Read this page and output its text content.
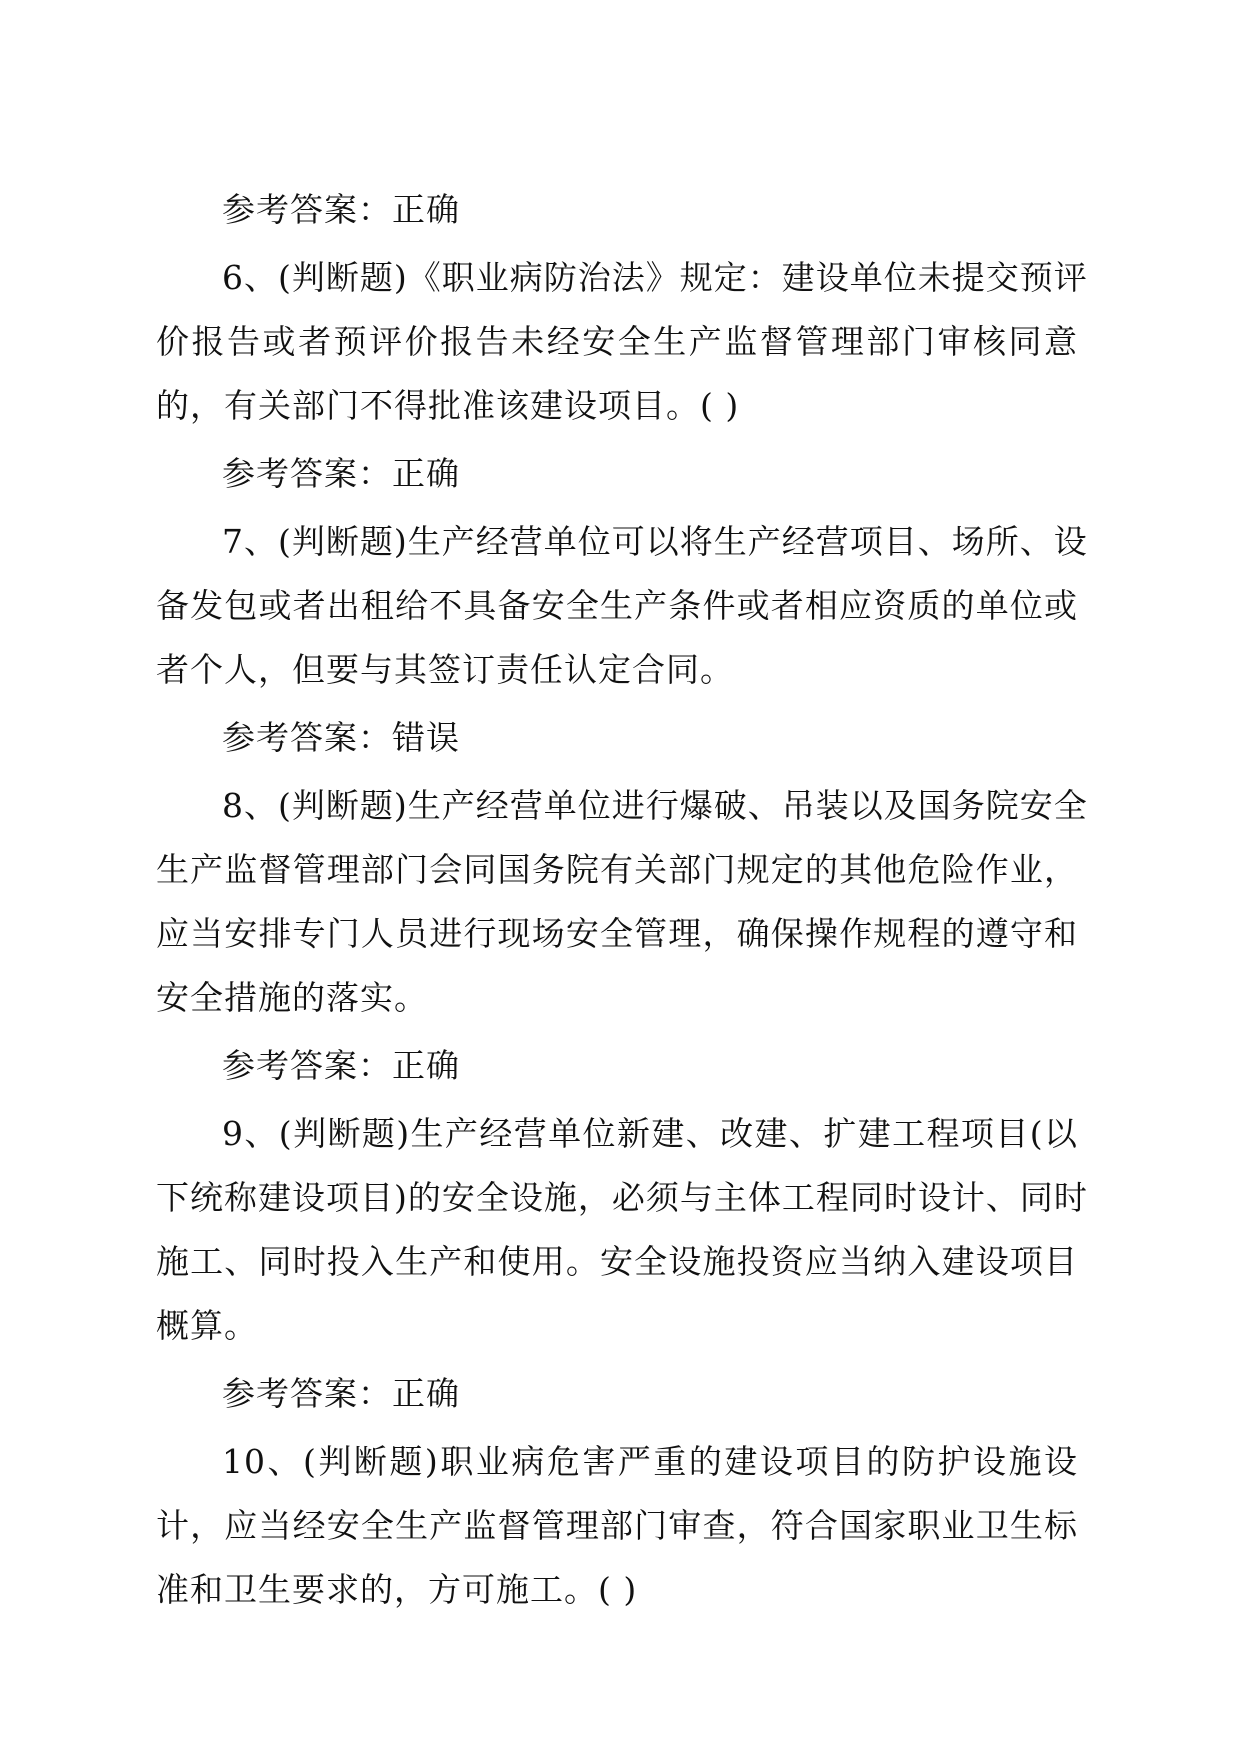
参考答案：正确

6、(判断题)《职业病防治法》规定：建设单位未提交预评
价报告或者预评价报告未经安全生产监督管理部门审核同意
的，有关部门不得批准该建设项目。( )

参考答案：正确

7、(判断题)生产经营单位可以将生产经营项目、场所、设
备发包或者出租给不具备安全生产条件或者相应资质的单位或
者个人，但要与其签订责任认定合同。

参考答案：错误

8、(判断题)生产经营单位进行爆破、吊装以及国务院安全
生产监督管理部门会同国务院有关部门规定的其他危险作业，
应当安排专门人员进行现场安全管理，确保操作规程的遵守和
安全措施的落实。

参考答案：正确

9、(判断题)生产经营单位新建、改建、扩建工程项目(以
下统称建设项目)的安全设施，必须与主体工程同时设计、同时
施工、同时投入生产和使用。安全设施投资应当纳入建设项目
概算。

参考答案：正确

10、(判断题)职业病危害严重的建设项目的防护设施设
计，应当经安全生产监督管理部门审查，符合国家职业卫生标
准和卫生要求的，方可施工。( )
